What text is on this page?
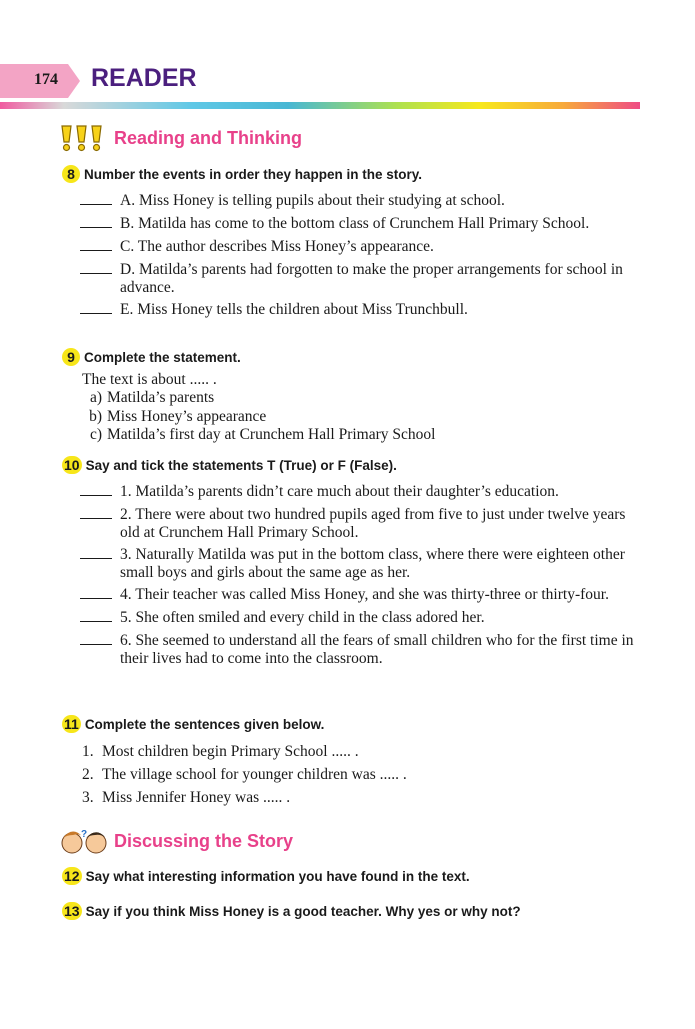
174 READER
Reading and Thinking
8 Number the events in order they happen in the story.
A. Miss Honey is telling pupils about their studying at school.
B. Matilda has come to the bottom class of Crunchem Hall Primary School.
C. The author describes Miss Honey’s appearance.
D. Matilda’s parents had forgotten to make the proper arrangements for school in advance.
E. Miss Honey tells the children about Miss Trunchbull.
9 Complete the statement.
The text is about ..... .
a) Matilda’s parents
b) Miss Honey’s appearance
c) Matilda’s first day at Crunchem Hall Primary School
10 Say and tick the statements T (True) or F (False).
1. Matilda’s parents didn’t care much about their daughter’s education.
2. There were about two hundred pupils aged from five to just under twelve years old at Crunchem Hall Primary School.
3. Naturally Matilda was put in the bottom class, where there were eighteen other small boys and girls about the same age as her.
4. Their teacher was called Miss Honey, and she was thirty-three or thirty-four.
5. She often smiled and every child in the class adored her.
6. She seemed to understand all the fears of small children who for the first time in their lives had to come into the classroom.
11 Complete the sentences given below.
1. Most children begin Primary School ..... .
2. The village school for younger children was ..... .
3. Miss Jennifer Honey was ..... .
? Discussing the Story
12 Say what interesting information you have found in the text.
13 Say if you think Miss Honey is a good teacher. Why yes or why not?
